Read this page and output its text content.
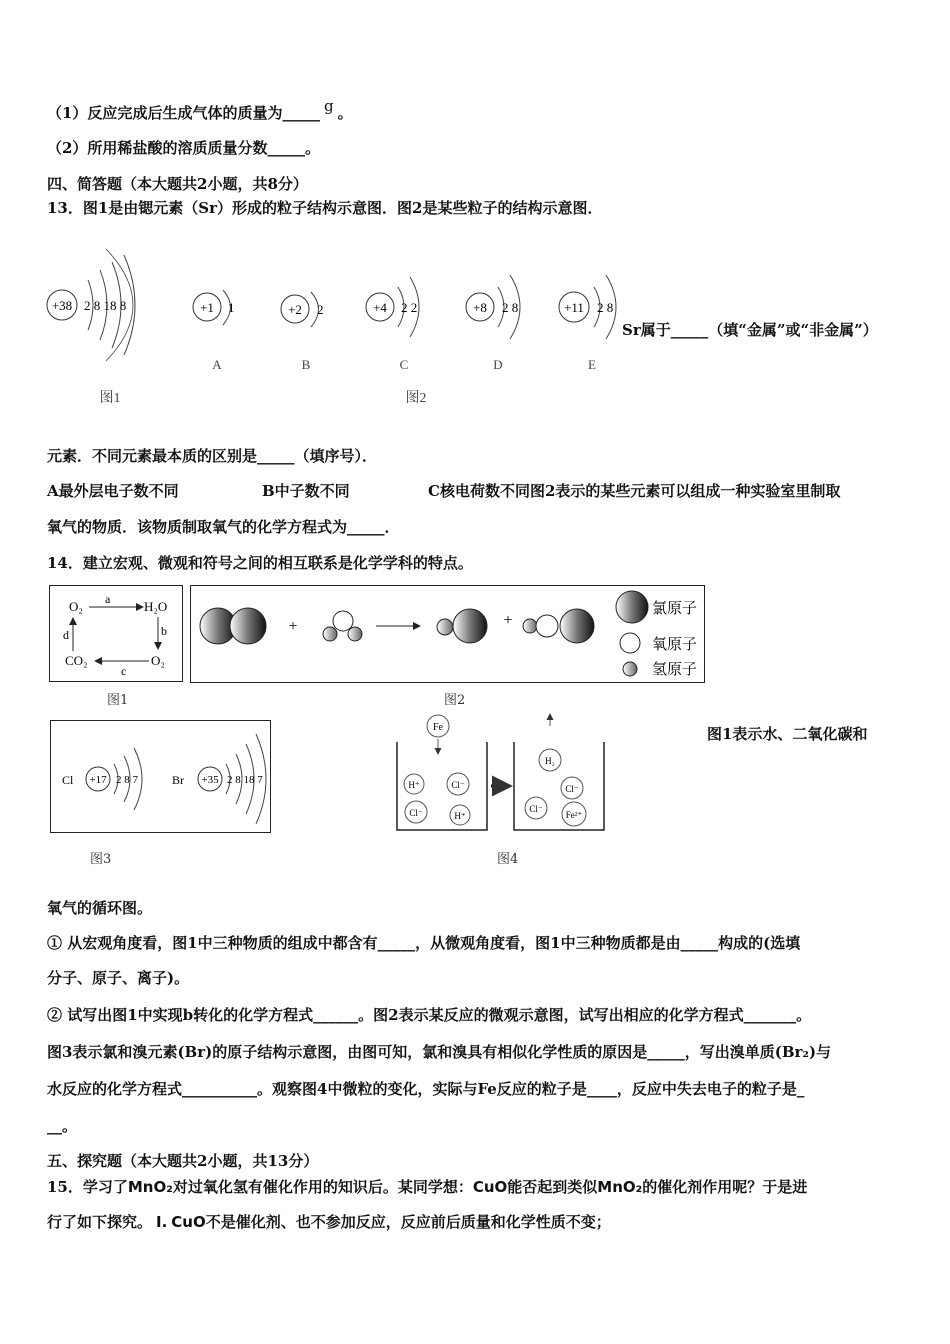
（1）反应完成后生成气体的质量为_____ g 。
（2）所用稀盐酸的溶质质量分数_____。
四、简答题（本大题共2小题，共8分）
13．图1是由锶元素（Sr）形成的粒子结构示意图．图2是某些粒子的结构示意图．
+38 2 8 18 8	+1 1
A
+2 2
B
+4 2 2
C
+8 2 8
D
+11 2 8
E
图1	图2
Sr属于_____（填“金属”或“非金属”）
元素．不同元素最本质的区别是_____（填序号）．
A最外层电子数不同	B中子数不同	C核电荷数不同图2表示的某些元素可以组成一种实验室里制取
氧气的物质．该物质制取氧气的化学方程式为_____．
14．建立宏观、微观和符号之间的相互联系是化学学科的特点。
O₂ a	H₂O
b
O₂
c
CO₂
d	+	+
氯原子
氧原子
氢原子
图1	图2
Cl +17 2 8 7	Br +35 2 8 18 7
图3
Fe
H⁺	Cl⁻
Cl⁻	H⁺
H₂
Cl⁻
Cl⁻
Fe²⁺
图4
图1表示水、二氧化碳和
氧气的循环图。
① 从宏观角度看，图1中三种物质的组成中都含有_____，从微观角度看，图1中三种物质都是由_____构成的(选填
分子、原子、离子)。
② 试写出图1中实现b转化的化学方程式______。图2表示某反应的微观示意图，试写出相应的化学方程式_______。
图3表示氯和溴元素(Br)的原子结构示意图，由图可知，氯和溴具有相似化学性质的原因是_____，写出溴单质(Br₂)与
水反应的化学方程式__________。观察图4中微粒的变化，实际与Fe反应的粒子是____，反应中失去电子的粒子是_
__。
五、探究题（本大题共2小题，共13分）
15．学习了MnO₂对过氧化氢有催化作用的知识后。某同学想：CuO能否起到类似MnO₂的催化剂作用呢？于是进
行了如下探究。 Ⅰ. CuO不是催化剂、也不参加反应，反应前后质量和化学性质不变；
